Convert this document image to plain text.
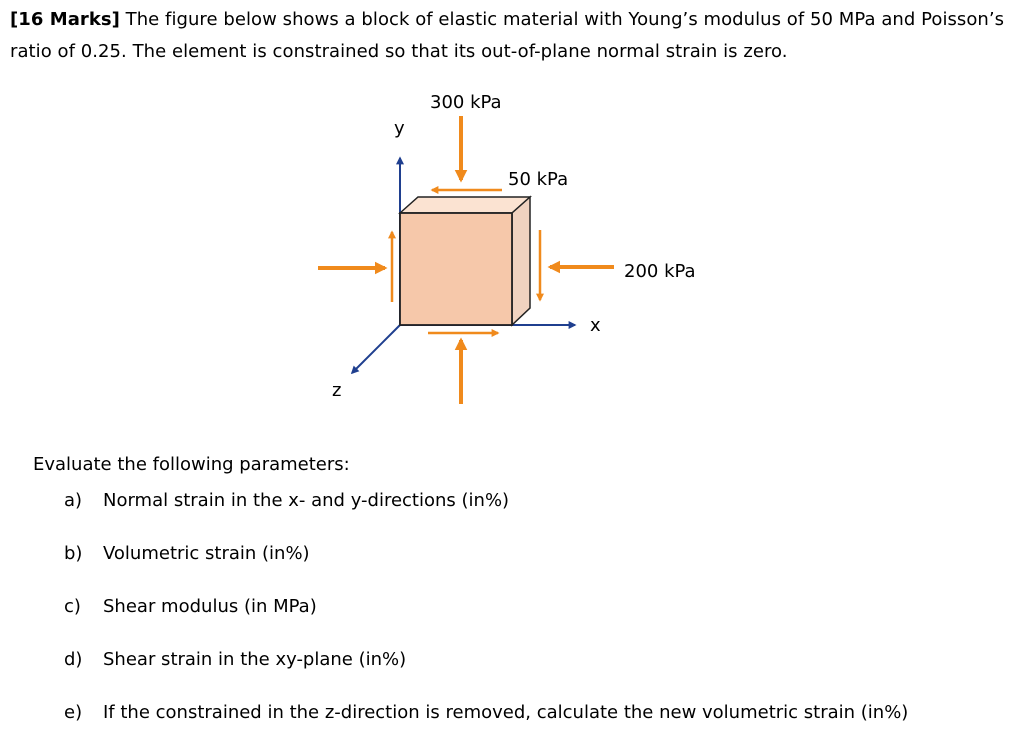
[16 Marks] The figure below shows a block of elastic material with Young’s modulus of 50 MPa and Poisson’s ratio of 0.25. The element is constrained so that its out-of-plane normal strain is zero.
300 kPa
50 kPa
200 kPa
y
x
z
Evaluate the following parameters:
a) Normal strain in the x- and y-directions (in%)
b) Volumetric strain (in%)
c) Shear modulus (in MPa)
d) Shear strain in the xy-plane (in%)
e) If the constrained in the z-direction is removed, calculate the new volumetric strain (in%)
